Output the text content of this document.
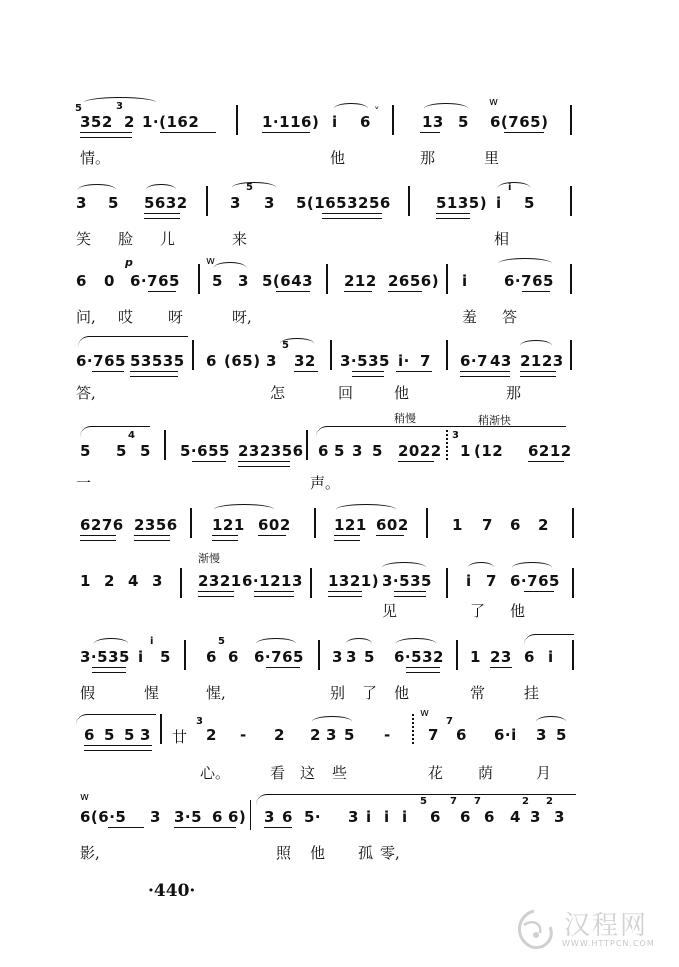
5
352
3
2 1·(162	1·116) i 6
˅
13 5
ᴡ
6(765)
情。	他	那	里
3 5 5632	3
5
3 5(1653256	5135) i
i
5
笑 脸 儿	来	相
6 0
p
6·765
ᴡ
5 3 5(643 212 2656) i 6·765
问, 哎 呀	呀,	羞 答
6·765 53535 6 (65) 3
5
32 3·535 i· 7 6·7 43 2123
答,	怎	回	他	那
稍慢	稍渐快
5 5
4
5 5·655 232356 6 5 3 5 2022
3
1 (12 6212
一	声。
6276 2356 121 602	121 602	1 7 6 2
渐慢
1 2 4 3 2321 6·1213 1321) 3·535 i 7 6·765
见	了 他
3·535 i
i
5 6
5
6 6·765 3 3 5 6·532 1 23 6 i
假	惺	惺,	别 了 他	常	挂
6 5 5 3 廿
3
2 - 2 2 3 5 -
ᴡ
7
7
6 6·i 3 5
心。	看 这 些	花 荫	月
ᴡ
6(6·5 3 3·5 6 6) 3 6 5· 3 i i i 6 6 6 4 3 3
5 7 7	2 2
影,	照 他 孤 零,
·440·
汉程网
WWW.HTTPCN.COM
